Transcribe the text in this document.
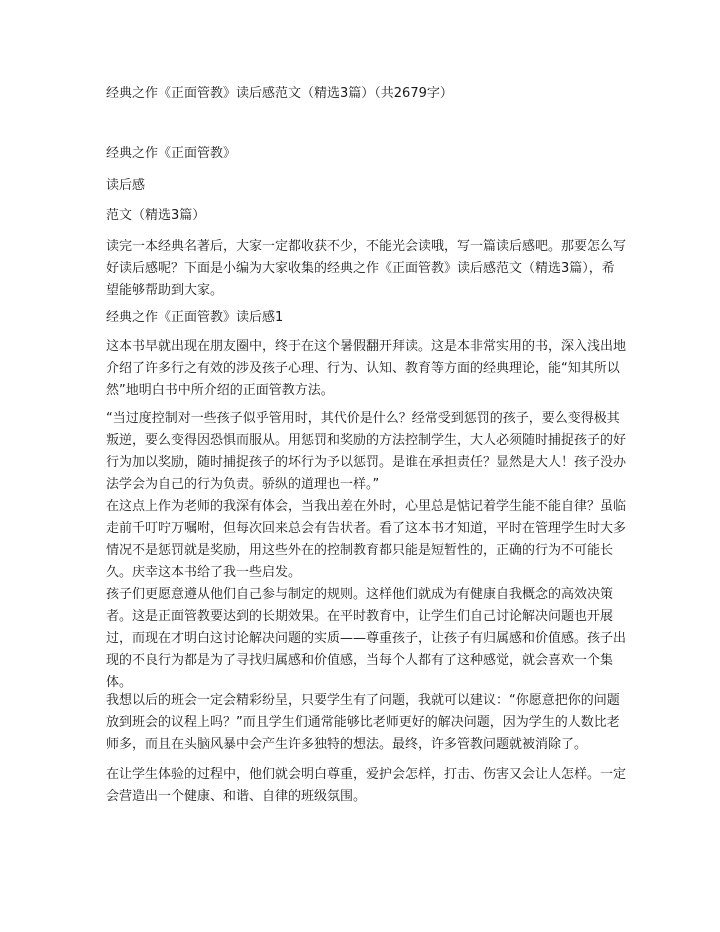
经典之作《正面管教》读后感范文（精选3篇）（共2679字）
经典之作《正面管教》
读后感
范文（精选3篇）
读完一本经典名著后，大家一定都收获不少，不能光会读哦，写一篇读后感吧。那要怎么写好读后感呢？下面是小编为大家收集的经典之作《正面管教》读后感范文（精选3篇），希望能够帮助到大家。
经典之作《正面管教》读后感1
这本书早就出现在朋友圈中，终于在这个暑假翻开拜读。这是本非常实用的书，深入浅出地介绍了许多行之有效的涉及孩子心理、行为、认知、教育等方面的经典理论，能“知其所以然”地明白书中所介绍的正面管教方法。
“当过度控制对一些孩子似乎管用时，其代价是什么？经常受到惩罚的孩子，要么变得极其叛逆，要么变得因恐惧而服从。用惩罚和奖励的方法控制学生，大人必须随时捕捉孩子的好行为加以奖励，随时捕捉孩子的坏行为予以惩罚。是谁在承担责任？显然是大人！孩子没办法学会为自己的行为负责。骄纵的道理也一样。”
在这点上作为老师的我深有体会，当我出差在外时，心里总是惦记着学生能不能自律？虽临走前千叮咛万嘱咐，但每次回来总会有告状者。看了这本书才知道，平时在管理学生时大多情况不是惩罚就是奖励，用这些外在的控制教育都只能是短暂性的，正确的行为不可能长久。庆幸这本书给了我一些启发。
孩子们更愿意遵从他们自己参与制定的规则。这样他们就成为有健康自我概念的高效决策者。这是正面管教要达到的长期效果。在平时教育中，让学生们自己讨论解决问题也开展过，而现在才明白这讨论解决问题的实质——尊重孩子，让孩子有归属感和价值感。孩子出现的不良行为都是为了寻找归属感和价值感，当每个人都有了这种感觉，就会喜欢一个集体。
我想以后的班会一定会精彩纷呈，只要学生有了问题，我就可以建议：“你愿意把你的问题放到班会的议程上吗？”而且学生们通常能够比老师更好的解决问题，因为学生的人数比老师多，而且在头脑风暴中会产生许多独特的想法。最终，许多管教问题就被消除了。
在让学生体验的过程中，他们就会明白尊重，爱护会怎样，打击、伤害又会让人怎样。一定会营造出一个健康、和谐、自律的班级氛围。
